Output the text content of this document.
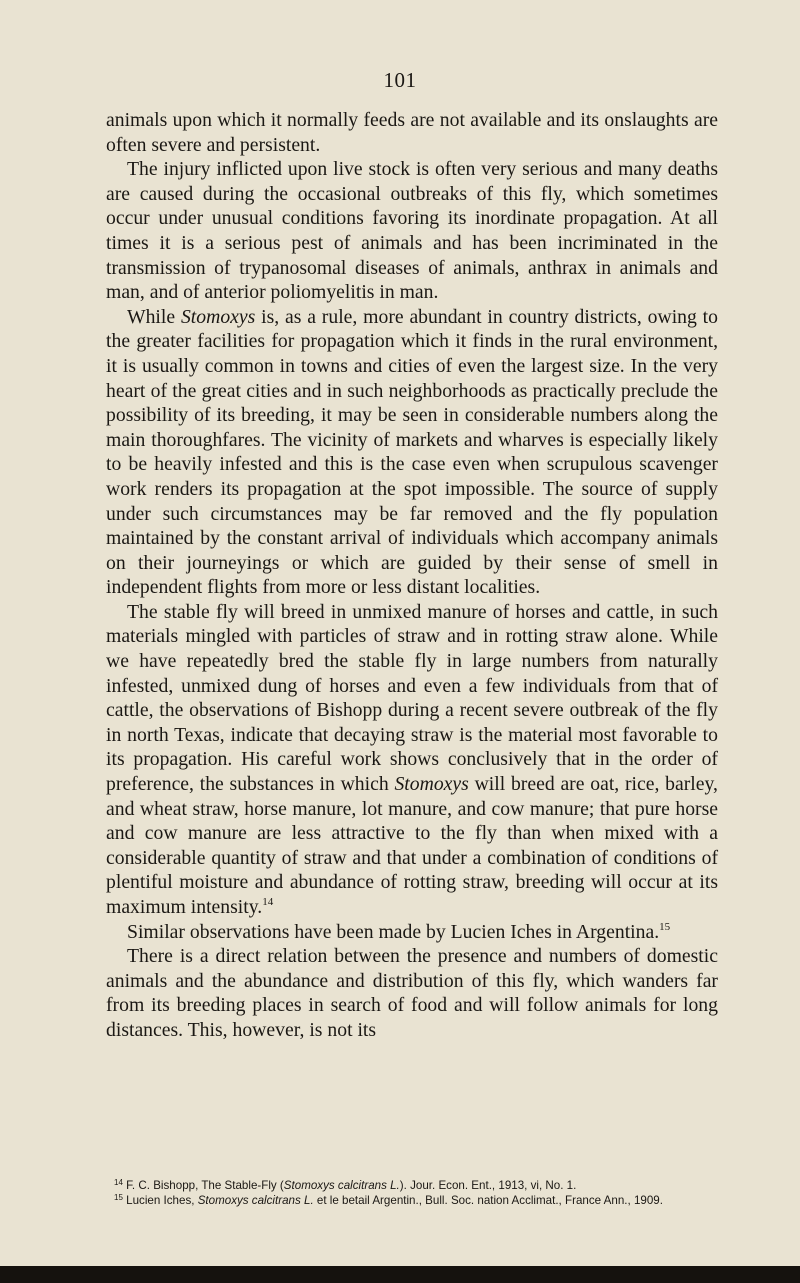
101

animals upon which it normally feeds are not available and its onslaughts are often severe and persistent.

The injury inflicted upon live stock is often very serious and many deaths are caused during the occasional outbreaks of this fly, which sometimes occur under unusual conditions favoring its inordinate propagation. At all times it is a serious pest of animals and has been incriminated in the transmission of trypanosomal diseases of animals, anthrax in animals and man, and of anterior poliomyelitis in man.

While Stomoxys is, as a rule, more abundant in country districts, owing to the greater facilities for propagation which it finds in the rural environment, it is usually common in towns and cities of even the largest size. In the very heart of the great cities and in such neighborhoods as practically preclude the possibility of its breeding, it may be seen in considerable numbers along the main thoroughfares. The vicinity of markets and wharves is especially likely to be heavily infested and this is the case even when scrupulous scavenger work renders its propagation at the spot impossible. The source of supply under such circumstances may be far removed and the fly population maintained by the constant arrival of individuals which accompany animals on their journeyings or which are guided by their sense of smell in independent flights from more or less distant localities.

The stable fly will breed in unmixed manure of horses and cattle, in such materials mingled with particles of straw and in rotting straw alone. While we have repeatedly bred the stable fly in large numbers from naturally infested, unmixed dung of horses and even a few individuals from that of cattle, the observations of Bishopp during a recent severe outbreak of the fly in north Texas, indicate that decaying straw is the material most favorable to its propagation. His careful work shows conclusively that in the order of preference, the substances in which Stomoxys will breed are oat, rice, barley, and wheat straw, horse manure, lot manure, and cow manure; that pure horse and cow manure are less attractive to the fly than when mixed with a considerable quantity of straw and that under a combination of conditions of plentiful moisture and abundance of rotting straw, breeding will occur at its maximum intensity.$^{14}$

Similar observations have been made by Lucien Iches in Argentina.$^{15}$

There is a direct relation between the presence and numbers of domestic animals and the abundance and distribution of this fly, which wanders far from its breeding places in search of food and will follow animals for long distances. This, however, is not its

$^{14}$ F. C. Bishopp, The Stable-Fly (Stomoxys calcitrans L.). Jour. Econ. Ent., 1913, vi, No. 1.

$^{15}$ Lucien Iches, Stomoxys calcitrans L. et le betail Argentin., Bull. Soc. nation Acclimat., France Ann., 1909.
